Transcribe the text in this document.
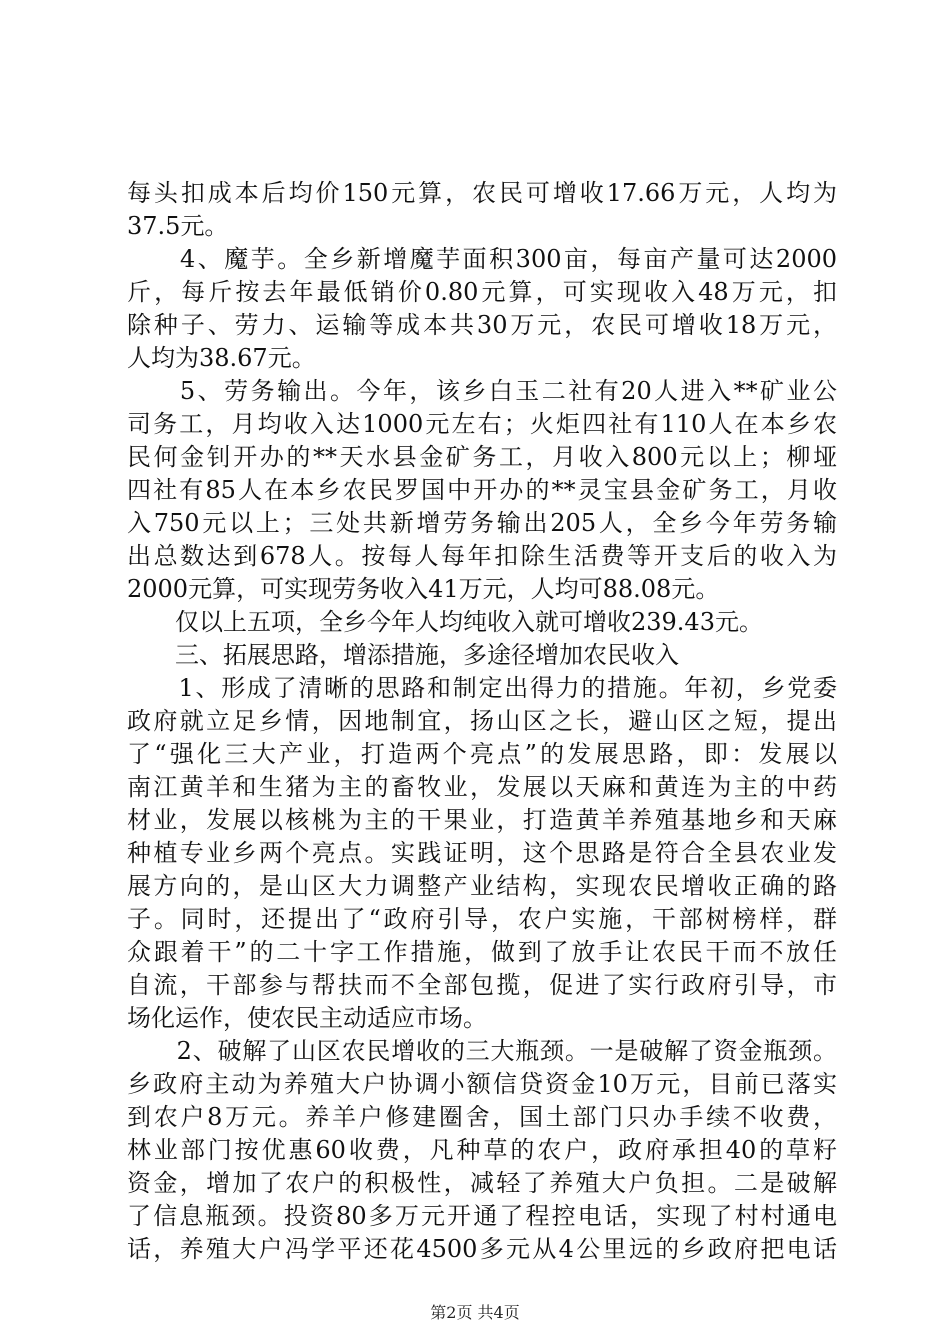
每头扣成本后均价150元算，农民可增收17.66万元，人均为
37.5元。
　　4、魔芋。全乡新增魔芋面积300亩，每亩产量可达2000
斤，每斤按去年最低销价0.80元算，可实现收入48万元，扣
除种子、劳力、运输等成本共30万元，农民可增收18万元，
人均为38.67元。
　　5、劳务输出。今年，该乡白玉二社有20人进入**矿业公
司务工，月均收入达1000元左右；火炬四社有110人在本乡农
民何金钊开办的**天水县金矿务工，月收入800元以上；柳垭
四社有85人在本乡农民罗国中开办的**灵宝县金矿务工，月收
入750元以上；三处共新增劳务输出205人，全乡今年劳务输
出总数达到678人。按每人每年扣除生活费等开支后的收入为
2000元算，可实现劳务收入41万元，人均可88.08元。
　　仅以上五项，全乡今年人均纯收入就可增收239.43元。
　　三、拓展思路，增添措施，多途径增加农民收入
　　1、形成了清晰的思路和制定出得力的措施。年初，乡党委
政府就立足乡情，因地制宜，扬山区之长，避山区之短，提出
了“强化三大产业，打造两个亮点”的发展思路，即：发展以
南江黄羊和生猪为主的畜牧业，发展以天麻和黄连为主的中药
材业，发展以核桃为主的干果业，打造黄羊养殖基地乡和天麻
种植专业乡两个亮点。实践证明，这个思路是符合全县农业发
展方向的，是山区大力调整产业结构，实现农民增收正确的路
子。同时，还提出了“政府引导，农户实施，干部树榜样，群
众跟着干”的二十字工作措施，做到了放手让农民干而不放任
自流，干部参与帮扶而不全部包揽，促进了实行政府引导，市
场化运作，使农民主动适应市场。
　　2、破解了山区农民增收的三大瓶颈。一是破解了资金瓶颈。
乡政府主动为养殖大户协调小额信贷资金10万元，目前已落实
到农户8万元。养羊户修建圈舍，国土部门只办手续不收费，
林业部门按优惠60收费，凡种草的农户，政府承担40的草籽
资金，增加了农户的积极性，减轻了养殖大户负担。二是破解
了信息瓶颈。投资80多万元开通了程控电话，实现了村村通电
话，养殖大户冯学平还花4500多元从4公里远的乡政府把电话
第2页 共4页
